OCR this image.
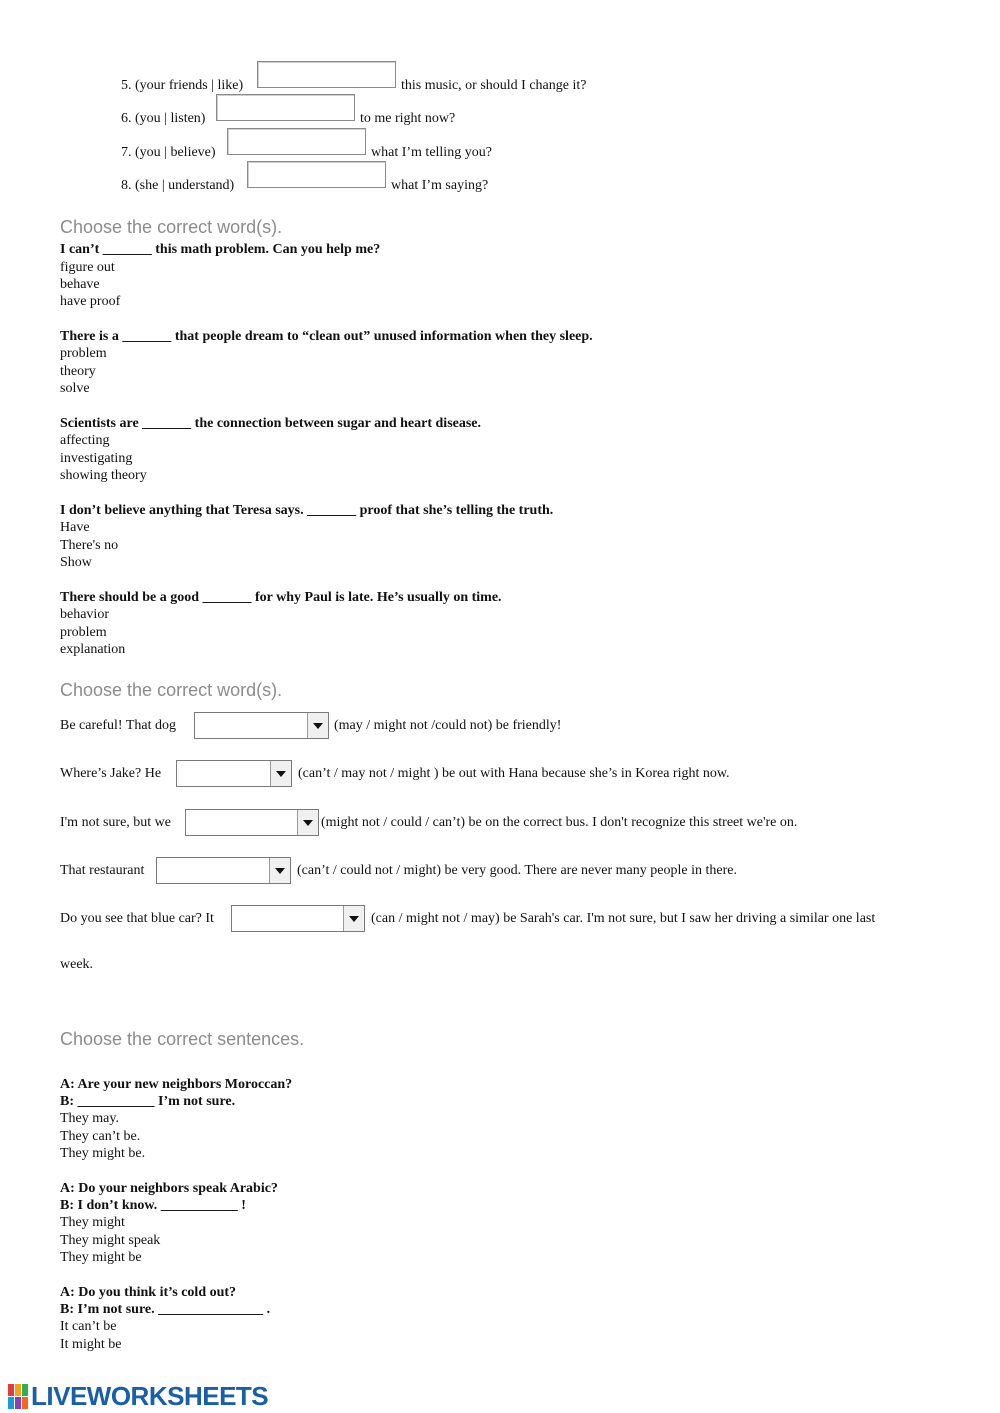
5. (your friends | like)	this music, or should I change it?
6. (you | listen)	to me right now?
7. (you | believe)	what I’m telling you?
8. (she | understand)	what I’m saying?
Choose the correct word(s).
I can’t _______ this math problem. Can you help me?
figure out
behave
have proof
There is a _______ that people dream to “clean out” unused information when they sleep.
problem
theory
solve
Scientists are _______ the connection between sugar and heart disease.
affecting
investigating
showing theory
I don’t believe anything that Teresa says. _______ proof that she’s telling the truth.
Have
There's no
Show
There should be a good _______ for why Paul is late. He’s usually on time.
behavior
problem
explanation
Choose the correct word(s).
Be careful! That dog	(may / might not /could not) be friendly!
Where’s Jake? He	(can’t / may not / might ) be out with Hana because she’s in Korea right now.
I'm not sure, but we	(might not / could / can’t) be on the correct bus. I don't recognize this street we're on.
That restaurant	(can’t / could not / might) be very good. There are never many people in there.
Do you see that blue car? It	(can / might not / may) be Sarah's car. I'm not sure, but I saw her driving a similar one last
week.
Choose the correct sentences.
A: Are your new neighbors Moroccan?
B: ___________ I’m not sure.
They may.
They can’t be.
They might be.
A: Do your neighbors speak Arabic?
B: I don’t know. ___________ !
They might
They might speak
They might be
A: Do you think it’s cold out?
B: I’m not sure. _______________ .
It can’t be
It might be
LIVEWORKSHEETS
